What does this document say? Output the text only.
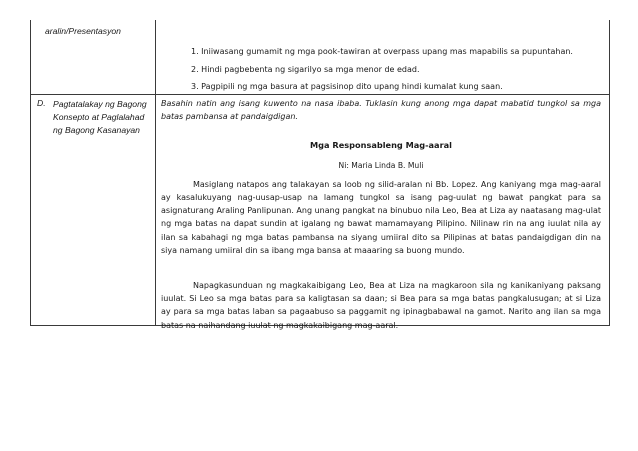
aralin/Presentasyon
1. Iniiwasang gumamit ng mga pook-tawiran at overpass upang mas mapabilis sa pupuntahan.
2. Hindi pagbebenta ng sigarilyo sa mga menor de edad.
3. Pagpipili ng mga basura at pagsisinop dito upang hindi kumalat kung saan.
D. Pagtatalakay ng Bagong Konsepto at Paglalahad ng Bagong Kasanayan
Basahin natin ang isang kuwento na nasa ibaba. Tuklasin kung anong mga dapat mabatid tungkol sa mga batas pambansa at pandaigdigan.
Mga Responsableng Mag-aaral
Ni: Maria Linda B. Muli
Masiglang natapos ang talakayan sa loob ng silid-aralan ni Bb. Lopez. Ang kaniyang mga mag-aaral ay kasalukuyang nag-uusap-usap na lamang tungkol sa isang pag-uulat ng bawat pangkat para sa asignaturang Araling Panlipunan. Ang unang pangkat na binubuo nila Leo, Bea at Liza ay naatasang mag-ulat ng mga batas na dapat sundin at igalang ng bawat mamamayang Pilipino. Nilinaw rin na ang iuulat nila ay ilan sa kabahagi ng mga batas pambansa na siyang umiiral dito sa Pilipinas at batas pandaigdigan din na siya namang umiiral din sa ibang mga bansa at maaaring sa buong mundo.
Napagkasunduan ng magkakaibigang Leo, Bea at Liza na magkaroon sila ng kanikaniyang paksang iuulat. Si Leo sa mga batas para sa kaligtasan sa daan; si Bea para sa mga batas pangkalusugan; at si Liza ay para sa mga batas laban sa pagaabuso sa paggamit ng ipinagbabawal na gamot. Narito ang ilan sa mga batas na naihandang iuulat ng magkakaibigang mag-aaral.
